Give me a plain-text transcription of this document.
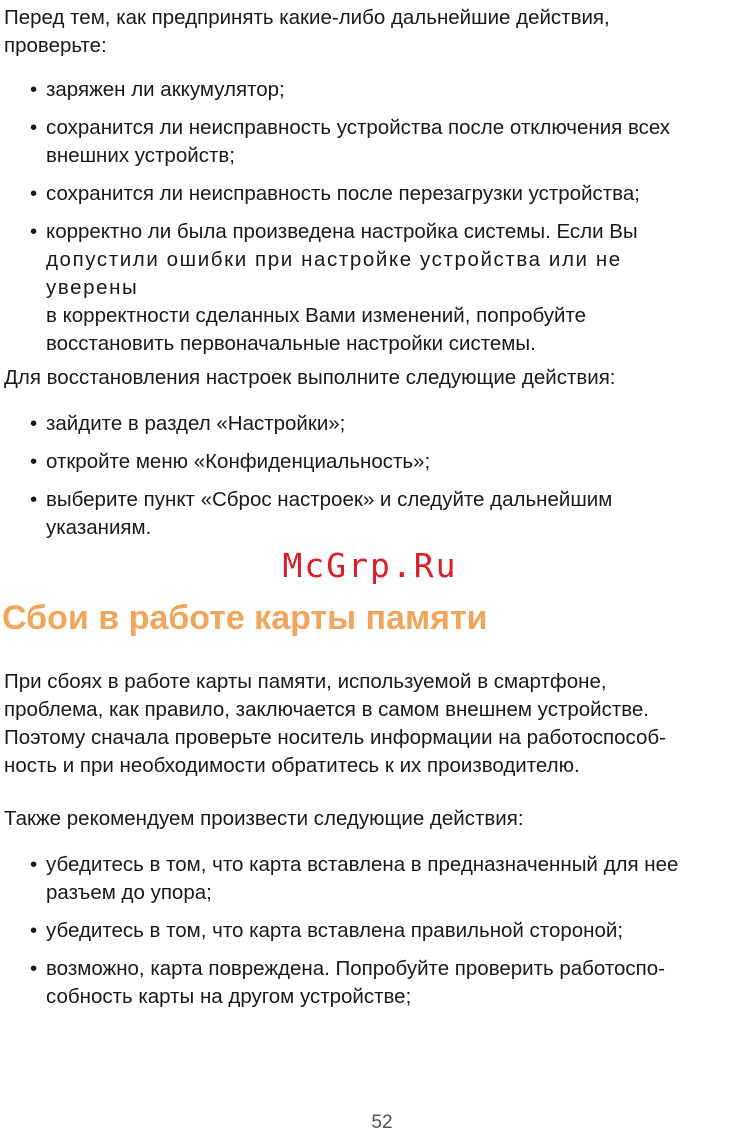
Перед тем, как предпринять какие-либо дальнейшие действия, проверьте:

• заряжен ли аккумулятор;
• сохранится ли неисправность устройства после отключения всех внешних устройств;
• сохранится ли неисправность после перезагрузки устройства;
• корректно ли была произведена настройка системы. Если Вы
допустили ошибки при настройке устройства или не уверены
в корректности сделанных Вами изменений, попробуйте
восстановить первоначальные настройки системы.

Для восстановления настроек выполните следующие действия:

• зайдите в раздел «Настройки»;
• откройте меню «Конфиденциальность»;
• выберите пункт «Сброс настроек» и следуйте дальнейшим указаниям.
McGrp.Ru
Сбои в работе карты памяти

При сбоях в работе карты памяти, используемой в смартфоне,
проблема, как правило, заключается в самом внешнем устройстве.
Поэтому сначала проверьте носитель информации на работоспособ-
ность и при необходимости обратитесь к их производителю.

Также рекомендуем произвести следующие действия:

• убедитесь в том, что карта вставлена в предназначенный для нее разъем до упора;
• убедитесь в том, что карта вставлена правильной стороной;
• возможно, карта повреждена. Попробуйте проверить работоспо-
собность карты на другом устройстве;
52
